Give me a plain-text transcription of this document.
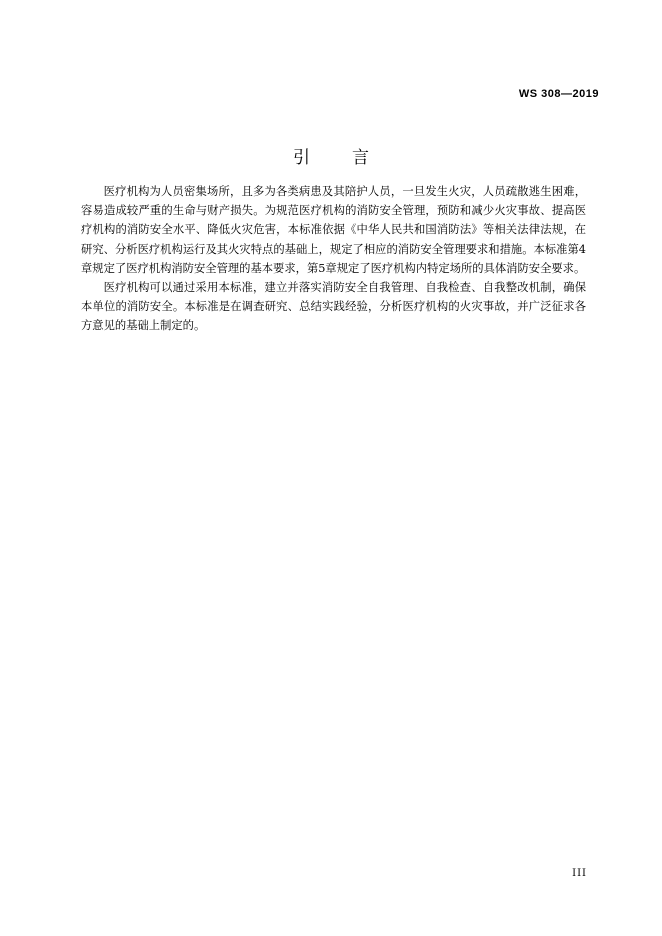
WS 308—2019
引 言

医疗机构为人员密集场所，且多为各类病患及其陪护人员，一旦发生火灾，人员疏散逃生困难，容易造成较严重的生命与财产损失。为规范医疗机构的消防安全管理，预防和减少火灾事故、提高医疗机构的消防安全水平、降低火灾危害，本标准依据《中华人民共和国消防法》等相关法律法规，在研究、分析医疗机构运行及其火灾特点的基础上，规定了相应的消防安全管理要求和措施。本标准第4章规定了医疗机构消防安全管理的基本要求，第5章规定了医疗机构内特定场所的具体消防安全要求。

医疗机构可以通过采用本标准，建立并落实消防安全自我管理、自我检查、自我整改机制，确保本单位的消防安全。本标准是在调查研究、总结实践经验，分析医疗机构的火灾事故，并广泛征求各方意见的基础上制定的。

III
